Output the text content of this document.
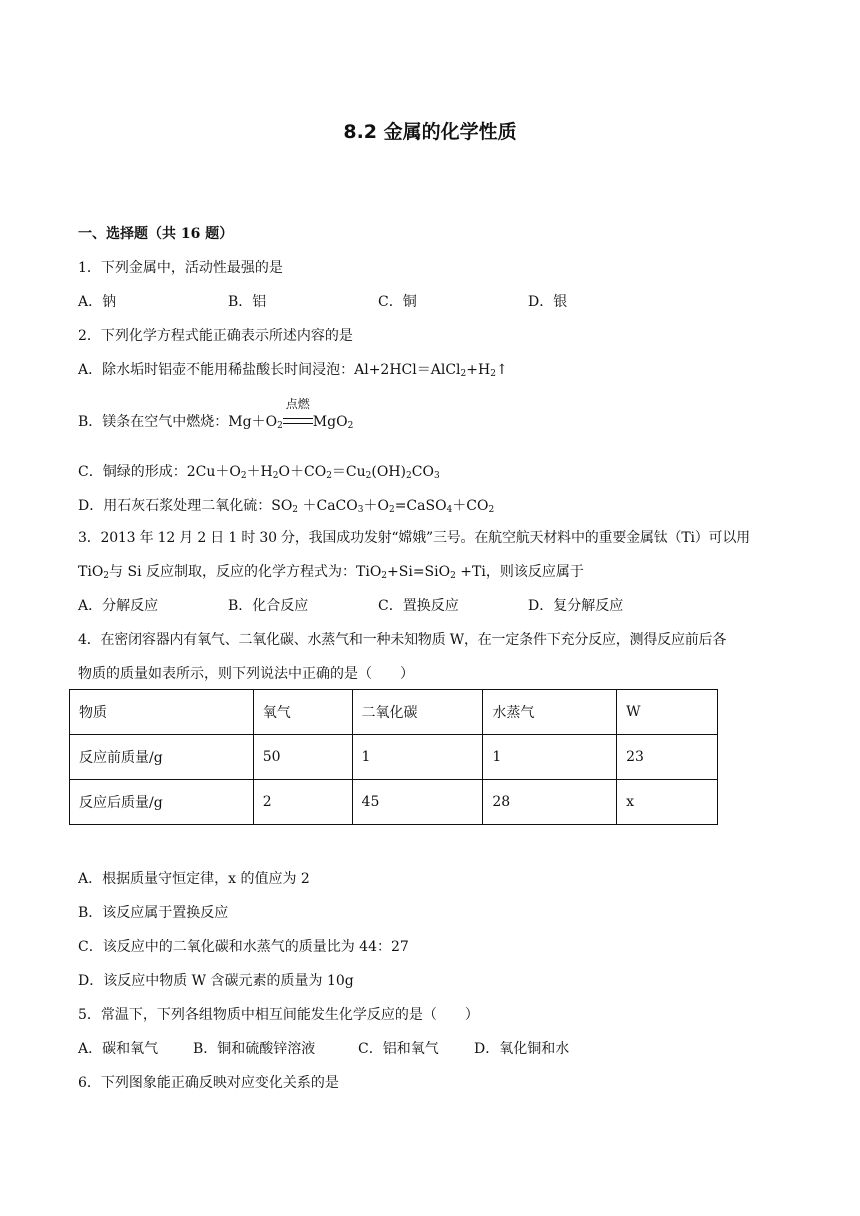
8.2 金属的化学性质
一、选择题（共 16 题）
1．下列金属中，活动性最强的是
A．钠	B．铝	C．铜	D．银
2．下列化学方程式能正确表示所述内容的是
A．除水垢时铝壶不能用稀盐酸长时间浸泡：$Al+2HCl=AlCl_2+H_2↑$
B．镁条在空气中燃烧：$Mg+O_2$
点燃
MgO$_2$
C．铜绿的形成：$2Cu+O_2+H_2O+CO_2=Cu_2(OH)_2CO_3$
D．用石灰石浆处理二氧化硫：$SO_2$ $+CaCO_3+O_2=CaSO_4+CO_2$
3．2013 年 12 月 2 日 1 时 30 分，我国成功发射“嫦娥”三号。在航空航天材料中的重要金属钛（Ti）可以用
TiO$_2$与 Si 反应制取，反应的化学方程式为：TiO$_2$+Si=SiO$_2$ +Ti，则该反应属于
A．分解反应	B．化合反应	C．置换反应	D．复分解反应
4．在密闭容器内有氧气、二氧化碳、水蒸气和一种未知物质 W，在一定条件下充分反应，测得反应前后各
物质的质量如表所示，则下列说法中正确的是（　　）
物质	氧气	二氧化碳	水蒸气	W
反应前质量/g	50	1	1	23
反应后质量/g	2	45	28	x
A．根据质量守恒定律，x 的值应为 2
B．该反应属于置换反应
C．该反应中的二氧化碳和水蒸气的质量比为 44：27
D．该反应中物质 W 含碳元素的质量为 10g
5．常温下，下列各组物质中相互间能发生化学反应的是（　　）
A．碳和氧气 B．铜和硫酸锌溶液	C．铝和氧气	D．氧化铜和水
6．下列图象能正确反映对应变化关系的是
